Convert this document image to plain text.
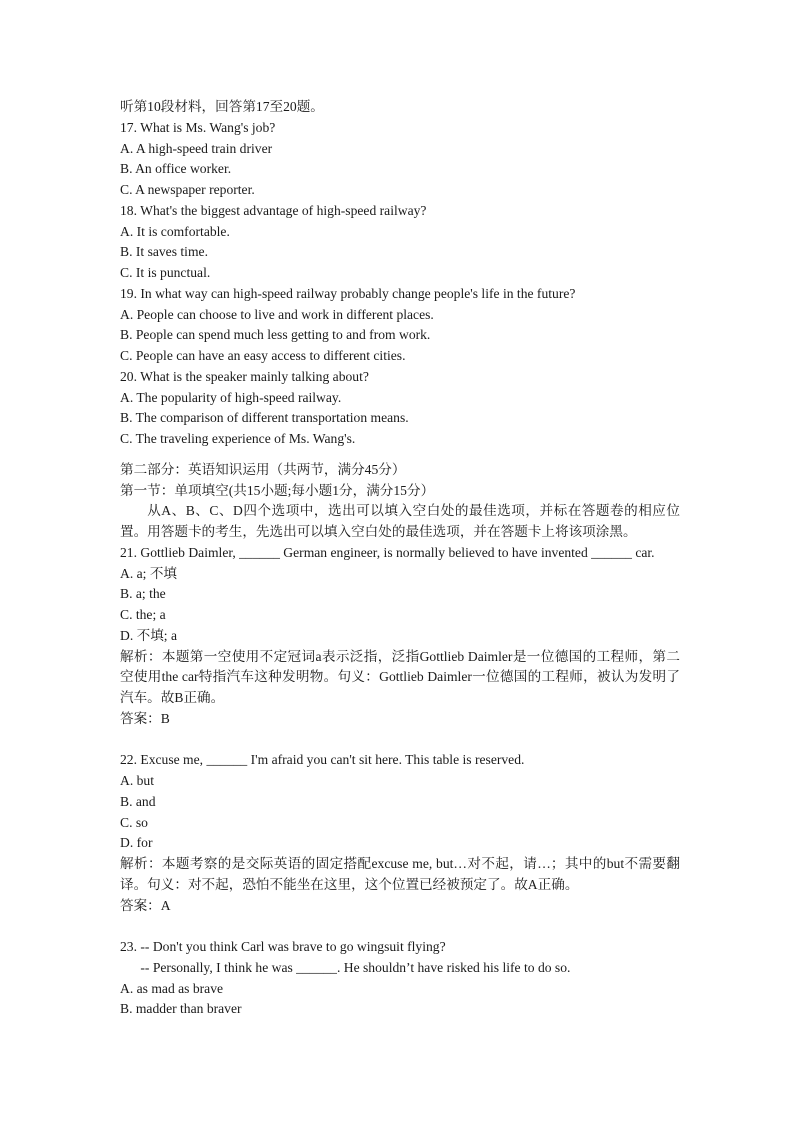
听第10段材料，回答第17至20题。
17. What is Ms. Wang's job?
A. A high-speed train driver
B. An office worker.
C. A newspaper reporter.
18. What's the biggest advantage of high-speed railway?
A. It is comfortable.
B. It saves time.
C. It is punctual.
19. In what way can high-speed railway probably change people's life in the future?
A. People can choose to live and work in different places.
B. People can spend much less getting to and from work.
C. People can have an easy access to different cities.
20. What is the speaker mainly talking about?
A. The popularity of high-speed railway.
B. The comparison of different transportation means.
C. The traveling experience of Ms. Wang's.
第二部分：英语知识运用（共两节，满分45分）
第一节：单项填空(共15小题;每小题1分，满分15分）
从A、B、C、D四个选项中，选出可以填入空白处的最佳选项，并标在答题卷的相应位置。用答题卡的考生，先选出可以填入空白处的最佳选项，并在答题卡上将该项涂黑。
21. Gottlieb Daimler, ______ German engineer, is normally believed to have invented ______ car.
A. a; 不填
B. a; the
C. the; a
D. 不填; a
解析：本题第一空使用不定冠词a表示泛指，泛指Gottlieb Daimler是一位德国的工程师，第二空使用the car特指汽车这种发明物。句义：Gottlieb Daimler一位德国的工程师，被认为发明了汽车。故B正确。
答案：B
22. Excuse me, ______ I'm afraid you can't sit here. This table is reserved.
A. but
B. and
C. so
D. for
解析：本题考察的是交际英语的固定搭配excuse me, but…对不起，请…；其中的but不需要翻译。句义：对不起，恐怕不能坐在这里，这个位置已经被预定了。故A正确。
答案：A
23. -- Don't you think Carl was brave to go wingsuit flying?
-- Personally, I think he was ______. He shouldn’t have risked his life to do so.
A. as mad as brave
B. madder than braver
